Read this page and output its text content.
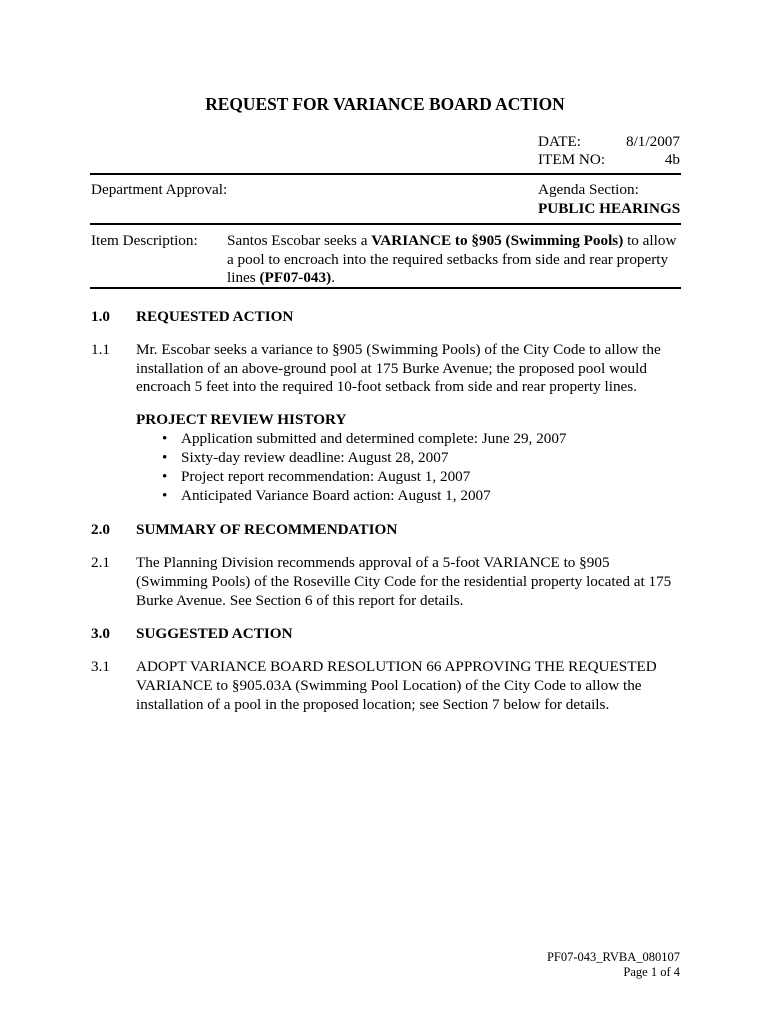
REQUEST FOR VARIANCE BOARD ACTION
DATE:	8/1/2007
ITEM NO:	4b
Department Approval:	Agenda Section:
PUBLIC HEARINGS
Item Description: Santos Escobar seeks a VARIANCE to §905 (Swimming Pools) to allow
a pool to encroach into the required setbacks from side and rear property
lines (PF07-043).
1.0 REQUESTED ACTION
1.1 Mr. Escobar seeks a variance to §905 (Swimming Pools) of the City Code to allow the
installation of an above-ground pool at 175 Burke Avenue; the proposed pool would
encroach 5 feet into the required 10-foot setback from side and rear property lines.
PROJECT REVIEW HISTORY
• Application submitted and determined complete: June 29, 2007
• Sixty-day review deadline: August 28, 2007
• Project report recommendation: August 1, 2007
• Anticipated Variance Board action: August 1, 2007
2.0 SUMMARY OF RECOMMENDATION
2.1 The Planning Division recommends approval of a 5-foot VARIANCE to §905
(Swimming Pools) of the Roseville City Code for the residential property located at 175
Burke Avenue. See Section 6 of this report for details.
3.0 SUGGESTED ACTION
3.1 ADOPT VARIANCE BOARD RESOLUTION 66 APPROVING THE REQUESTED
VARIANCE to §905.03A (Swimming Pool Location) of the City Code to allow the
installation of a pool in the proposed location; see Section 7 below for details.
PF07-043_RVBA_080107
Page 1 of 4
